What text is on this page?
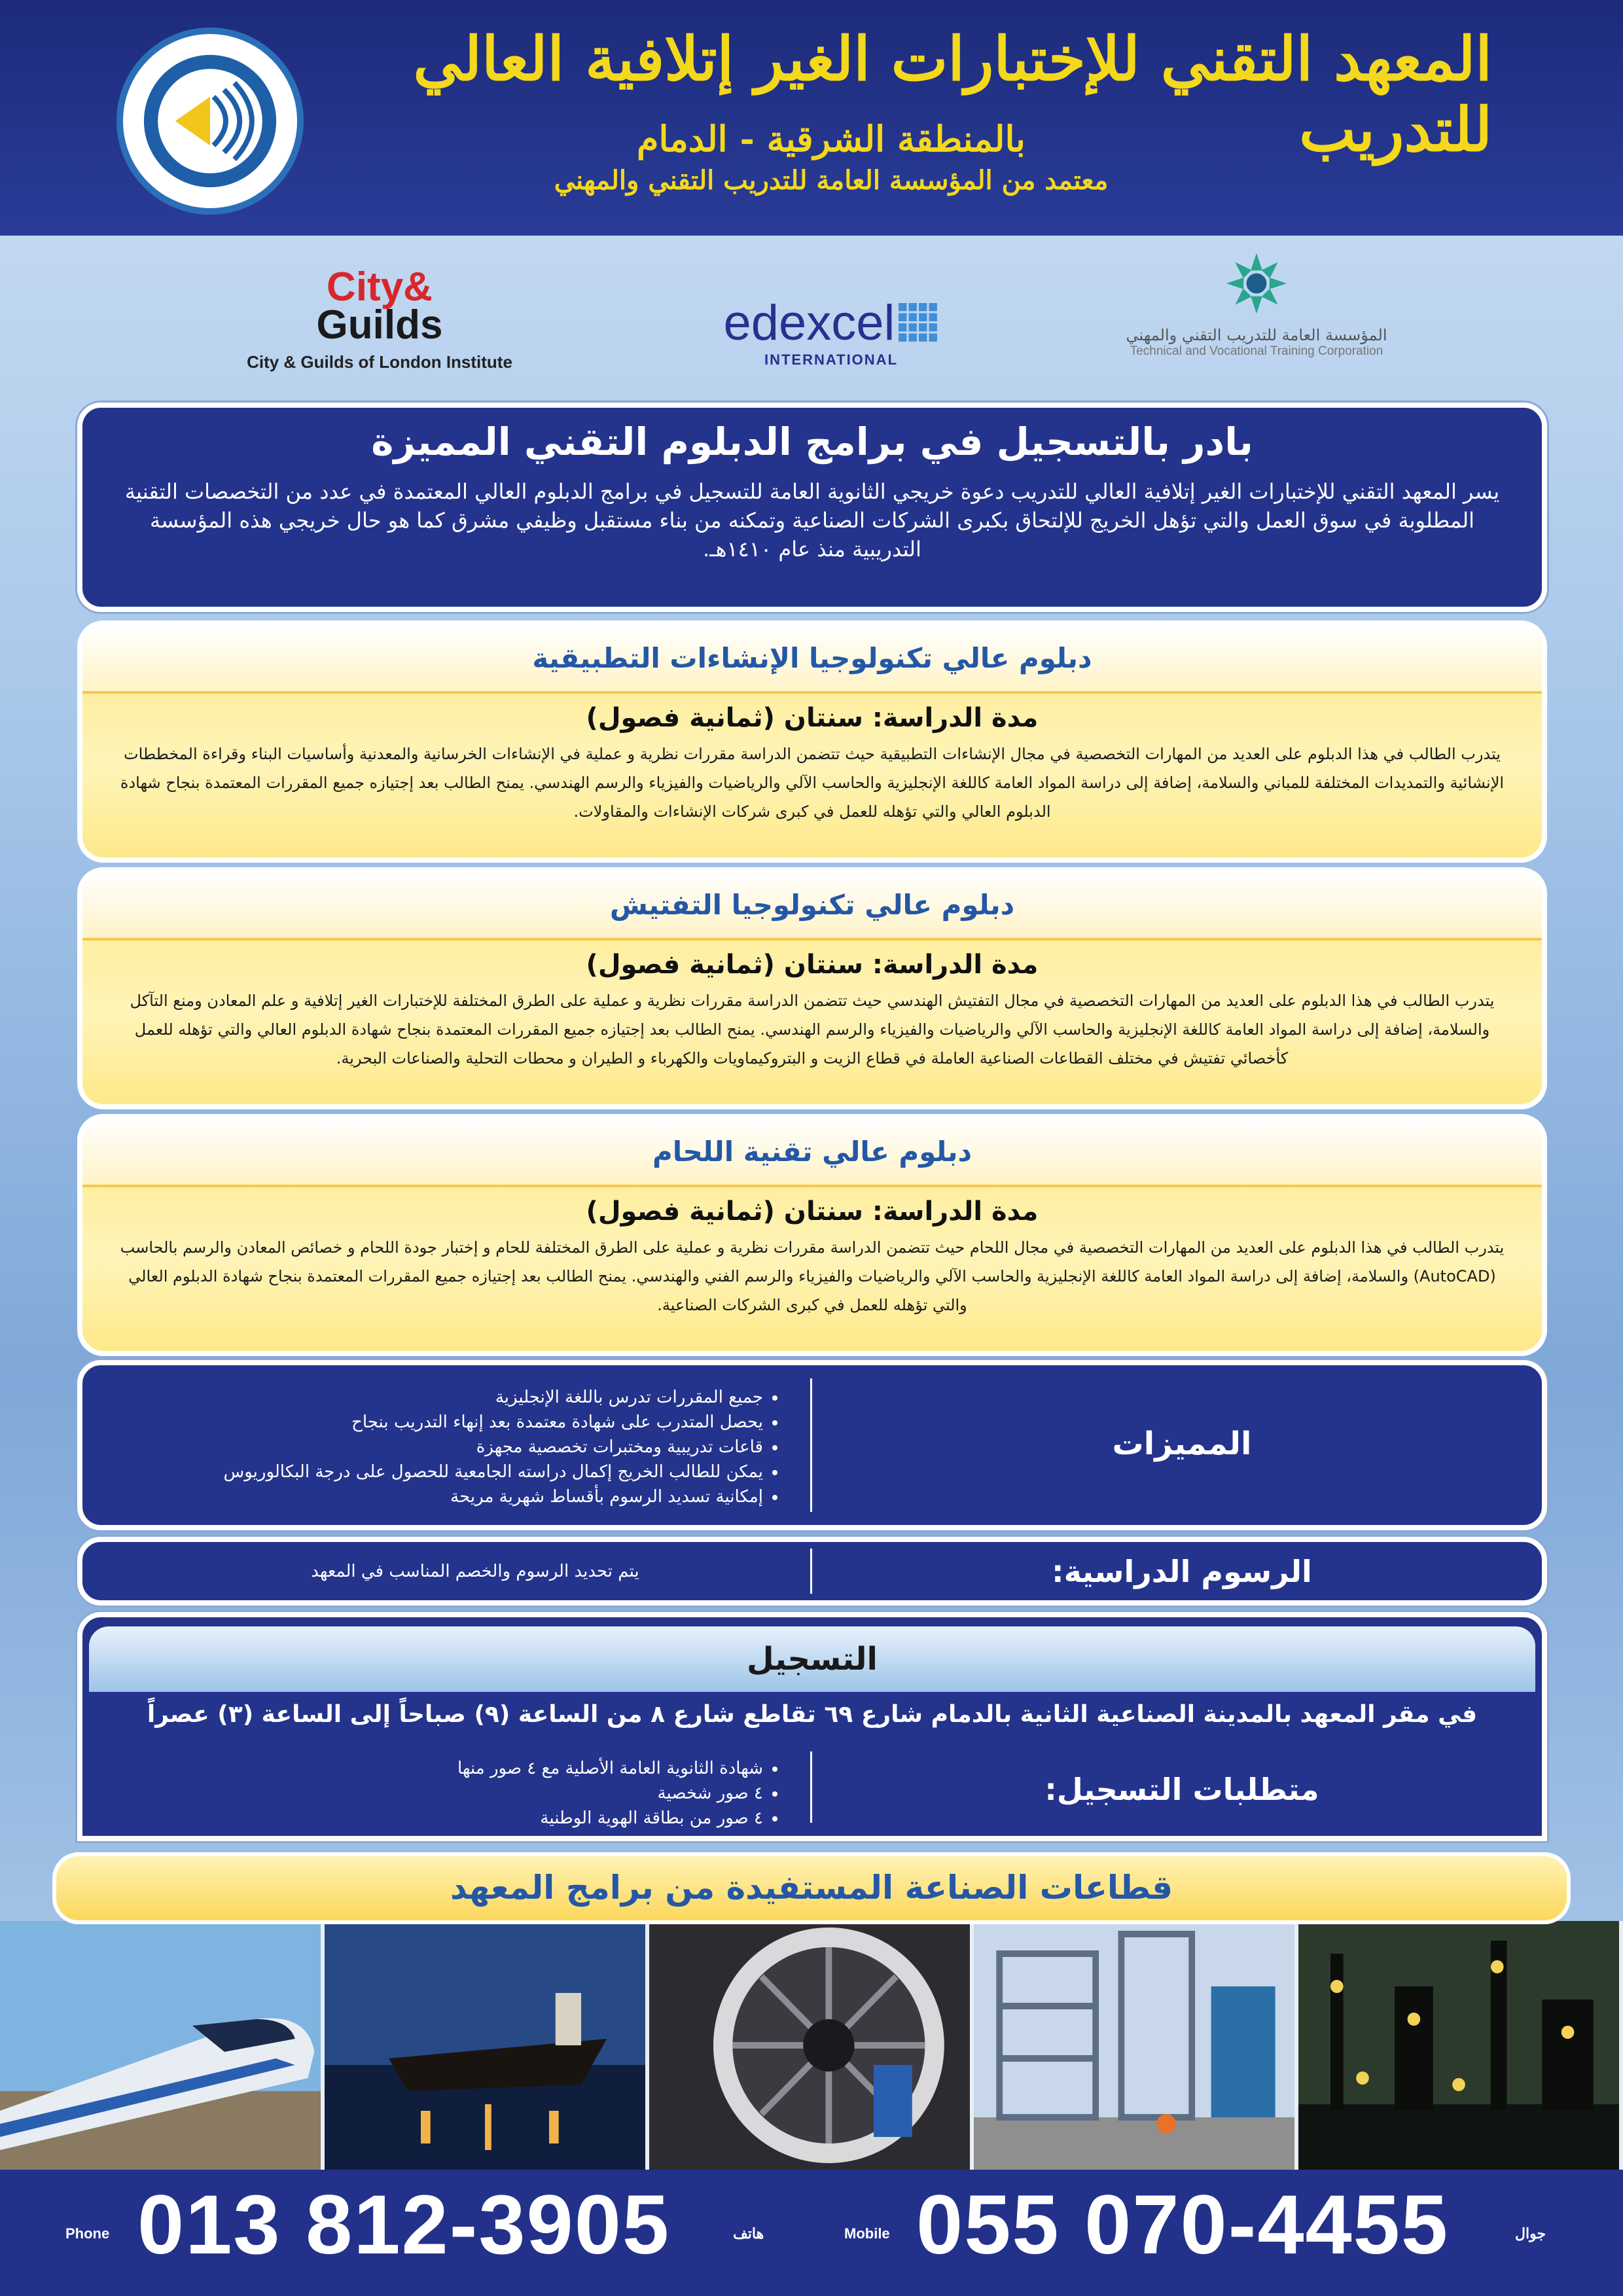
المعهد التقني للإختبارات الغير إتلافية العالي للتدريب
بالمنطقة الشرقية - الدمام
معتمد من المؤسسة العامة للتدريب التقني والمهني
City&
Guilds
City & Guilds of London Institute
edexcel
INTERNATIONAL
المؤسسة العامة للتدريب التقني والمهني
Technical and Vocational Training Corporation
بادر بالتسجيل في برامج الدبلوم التقني المميزة
يسر المعهد التقني للإختبارات الغير إتلافية العالي للتدريب دعوة خريجي الثانوية العامة للتسجيل في برامج الدبلوم العالي المعتمدة في عدد من التخصصات التقنية المطلوبة في سوق العمل والتي تؤهل الخريج للإلتحاق بكبرى الشركات الصناعية وتمكنه من بناء مستقبل وظيفي مشرق كما هو حال خريجي هذه المؤسسة التدريبية منذ عام ١٤١٠هـ.
دبلوم عالي تكنولوجيا الإنشاءات التطبيقية
مدة الدراسة: سنتان (ثمانية فصول)
يتدرب الطالب في هذا الدبلوم على العديد من المهارات التخصصية في مجال الإنشاءات التطبيقية حيث تتضمن الدراسة مقررات نظرية و عملية في الإنشاءات الخرسانية والمعدنية وأساسيات البناء وقراءة المخططات الإنشائية والتمديدات المختلفة للمباني والسلامة، إضافة إلى دراسة المواد العامة كاللغة الإنجليزية والحاسب الآلي والرياضيات والفيزياء والرسم الهندسي. يمنح الطالب بعد إجتيازه جميع المقررات المعتمدة بنجاح شهادة الدبلوم العالي والتي تؤهله للعمل في كبرى شركات الإنشاءات والمقاولات.
دبلوم عالي تكنولوجيا التفتيش
مدة الدراسة: سنتان (ثمانية فصول)
يتدرب الطالب في هذا الدبلوم على العديد من المهارات التخصصية في مجال التفتيش الهندسي حيث تتضمن الدراسة مقررات نظرية و عملية على الطرق المختلفة للإختبارات الغير إتلافية و علم المعادن ومنع التآكل والسلامة، إضافة إلى دراسة المواد العامة كاللغة الإنجليزية والحاسب الآلي والرياضيات والفيزياء والرسم الهندسي. يمنح الطالب بعد إجتيازه جميع المقررات المعتمدة بنجاح شهادة الدبلوم العالي والتي تؤهله للعمل كأخصائي تفتيش في مختلف القطاعات الصناعية العاملة في قطاع الزيت و البتروكيماويات والكهرباء و الطيران و محطات التحلية والصناعات البحرية.
دبلوم عالي تقنية اللحام
مدة الدراسة: سنتان (ثمانية فصول)
يتدرب الطالب في هذا الدبلوم على العديد من المهارات التخصصية في مجال اللحام حيث تتضمن الدراسة مقررات نظرية و عملية على الطرق المختلفة للحام و إختبار جودة اللحام و خصائص المعادن والرسم بالحاسب (AutoCAD) والسلامة، إضافة إلى دراسة المواد العامة كاللغة الإنجليزية والحاسب الآلي والرياضيات والفيزياء والرسم الفني والهندسي. يمنح الطالب بعد إجتيازه جميع المقررات المعتمدة بنجاح شهادة الدبلوم العالي والتي تؤهله للعمل في كبرى الشركات الصناعية.
المميزات
• جميع المقررات تدرس باللغة الإنجليزية
• يحصل المتدرب على شهادة معتمدة بعد إنهاء التدريب بنجاح
• قاعات تدريبية ومختبرات تخصصية مجهزة
• يمكن للطالب الخريج إكمال دراسته الجامعية للحصول على درجة البكالوريوس
• إمكانية تسديد الرسوم بأقساط شهرية مريحة
الرسوم الدراسية:
يتم تحديد الرسوم والخصم المناسب في المعهد
التسجيل
في مقر المعهد بالمدينة الصناعية الثانية بالدمام شارع ٦٩ تقاطع شارع ٨ من الساعة (٩) صباحاً إلى الساعة (٣) عصراً
متطلبات التسجيل:
• شهادة الثانوية العامة الأصلية مع ٤ صور منها
• ٤ صور شخصية
• ٤ صور من بطاقة الهوية الوطنية
قطاعات الصناعة المستفيدة من برامج المعهد
Phone 013 812-3905	هاتف	Mobile 055 070-4455	جوال
